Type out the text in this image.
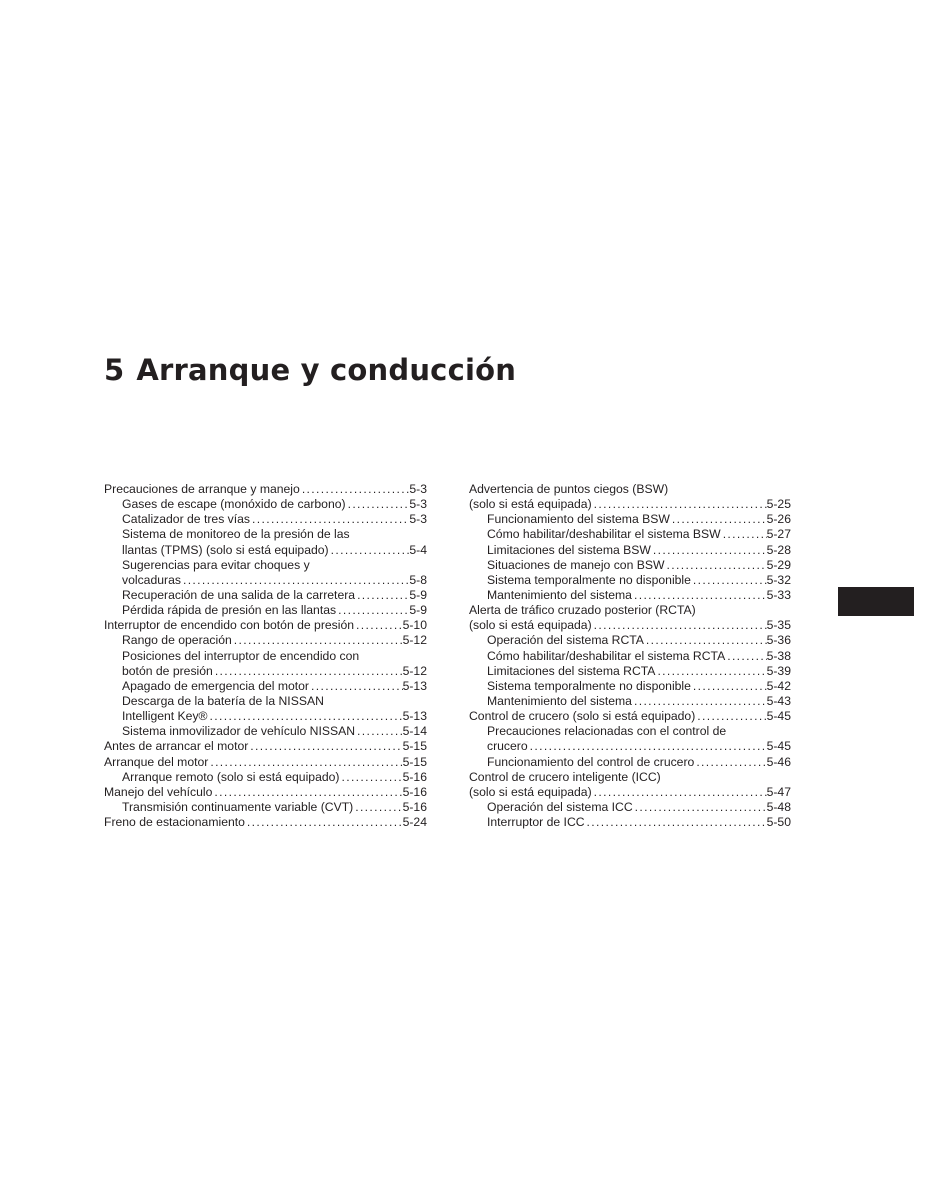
5 Arranque y conducción
Precauciones de arranque y manejo .....	5-3
Gases de escape (monóxido de carbono) .....	5-3
Catalizador de tres vías .....	5-3
Sistema de monitoreo de la presión de las
llantas (TPMS) (solo si está equipado) .....	5-4
Sugerencias para evitar choques y
volcaduras .....	5-8
Recuperación de una salida de la carretera .....	5-9
Pérdida rápida de presión en las llantas .....	5-9
Interruptor de encendido con botón de presión .....	5-10
Rango de operación .....	5-12
Posiciones del interruptor de encendido con
botón de presión .....	5-12
Apagado de emergencia del motor .....	5-13
Descarga de la batería de la NISSAN
Intelligent Key® .....	5-13
Sistema inmovilizador de vehículo NISSAN .....	5-14
Antes de arrancar el motor .....	5-15
Arranque del motor .....	5-15
Arranque remoto (solo si está equipado) .....	5-16
Manejo del vehículo .....	5-16
Transmisión continuamente variable (CVT) .....	5-16
Freno de estacionamiento .....	5-24
Advertencia de puntos ciegos (BSW)
(solo si está equipada) .....	5-25
Funcionamiento del sistema BSW .....	5-26
Cómo habilitar/deshabilitar el sistema BSW .....	5-27
Limitaciones del sistema BSW .....	5-28
Situaciones de manejo con BSW .....	5-29
Sistema temporalmente no disponible .....	5-32
Mantenimiento del sistema .....	5-33
Alerta de tráfico cruzado posterior (RCTA)
(solo si está equipada) .....	5-35
Operación del sistema RCTA .....	5-36
Cómo habilitar/deshabilitar el sistema RCTA .....	5-38
Limitaciones del sistema RCTA .....	5-39
Sistema temporalmente no disponible .....	5-42
Mantenimiento del sistema .....	5-43
Control de crucero (solo si está equipado) .....	5-45
Precauciones relacionadas con el control de
crucero .....	5-45
Funcionamiento del control de crucero .....	5-46
Control de crucero inteligente (ICC)
(solo si está equipada) .....	5-47
Operación del sistema ICC .....	5-48
Interruptor de ICC .....	5-50
